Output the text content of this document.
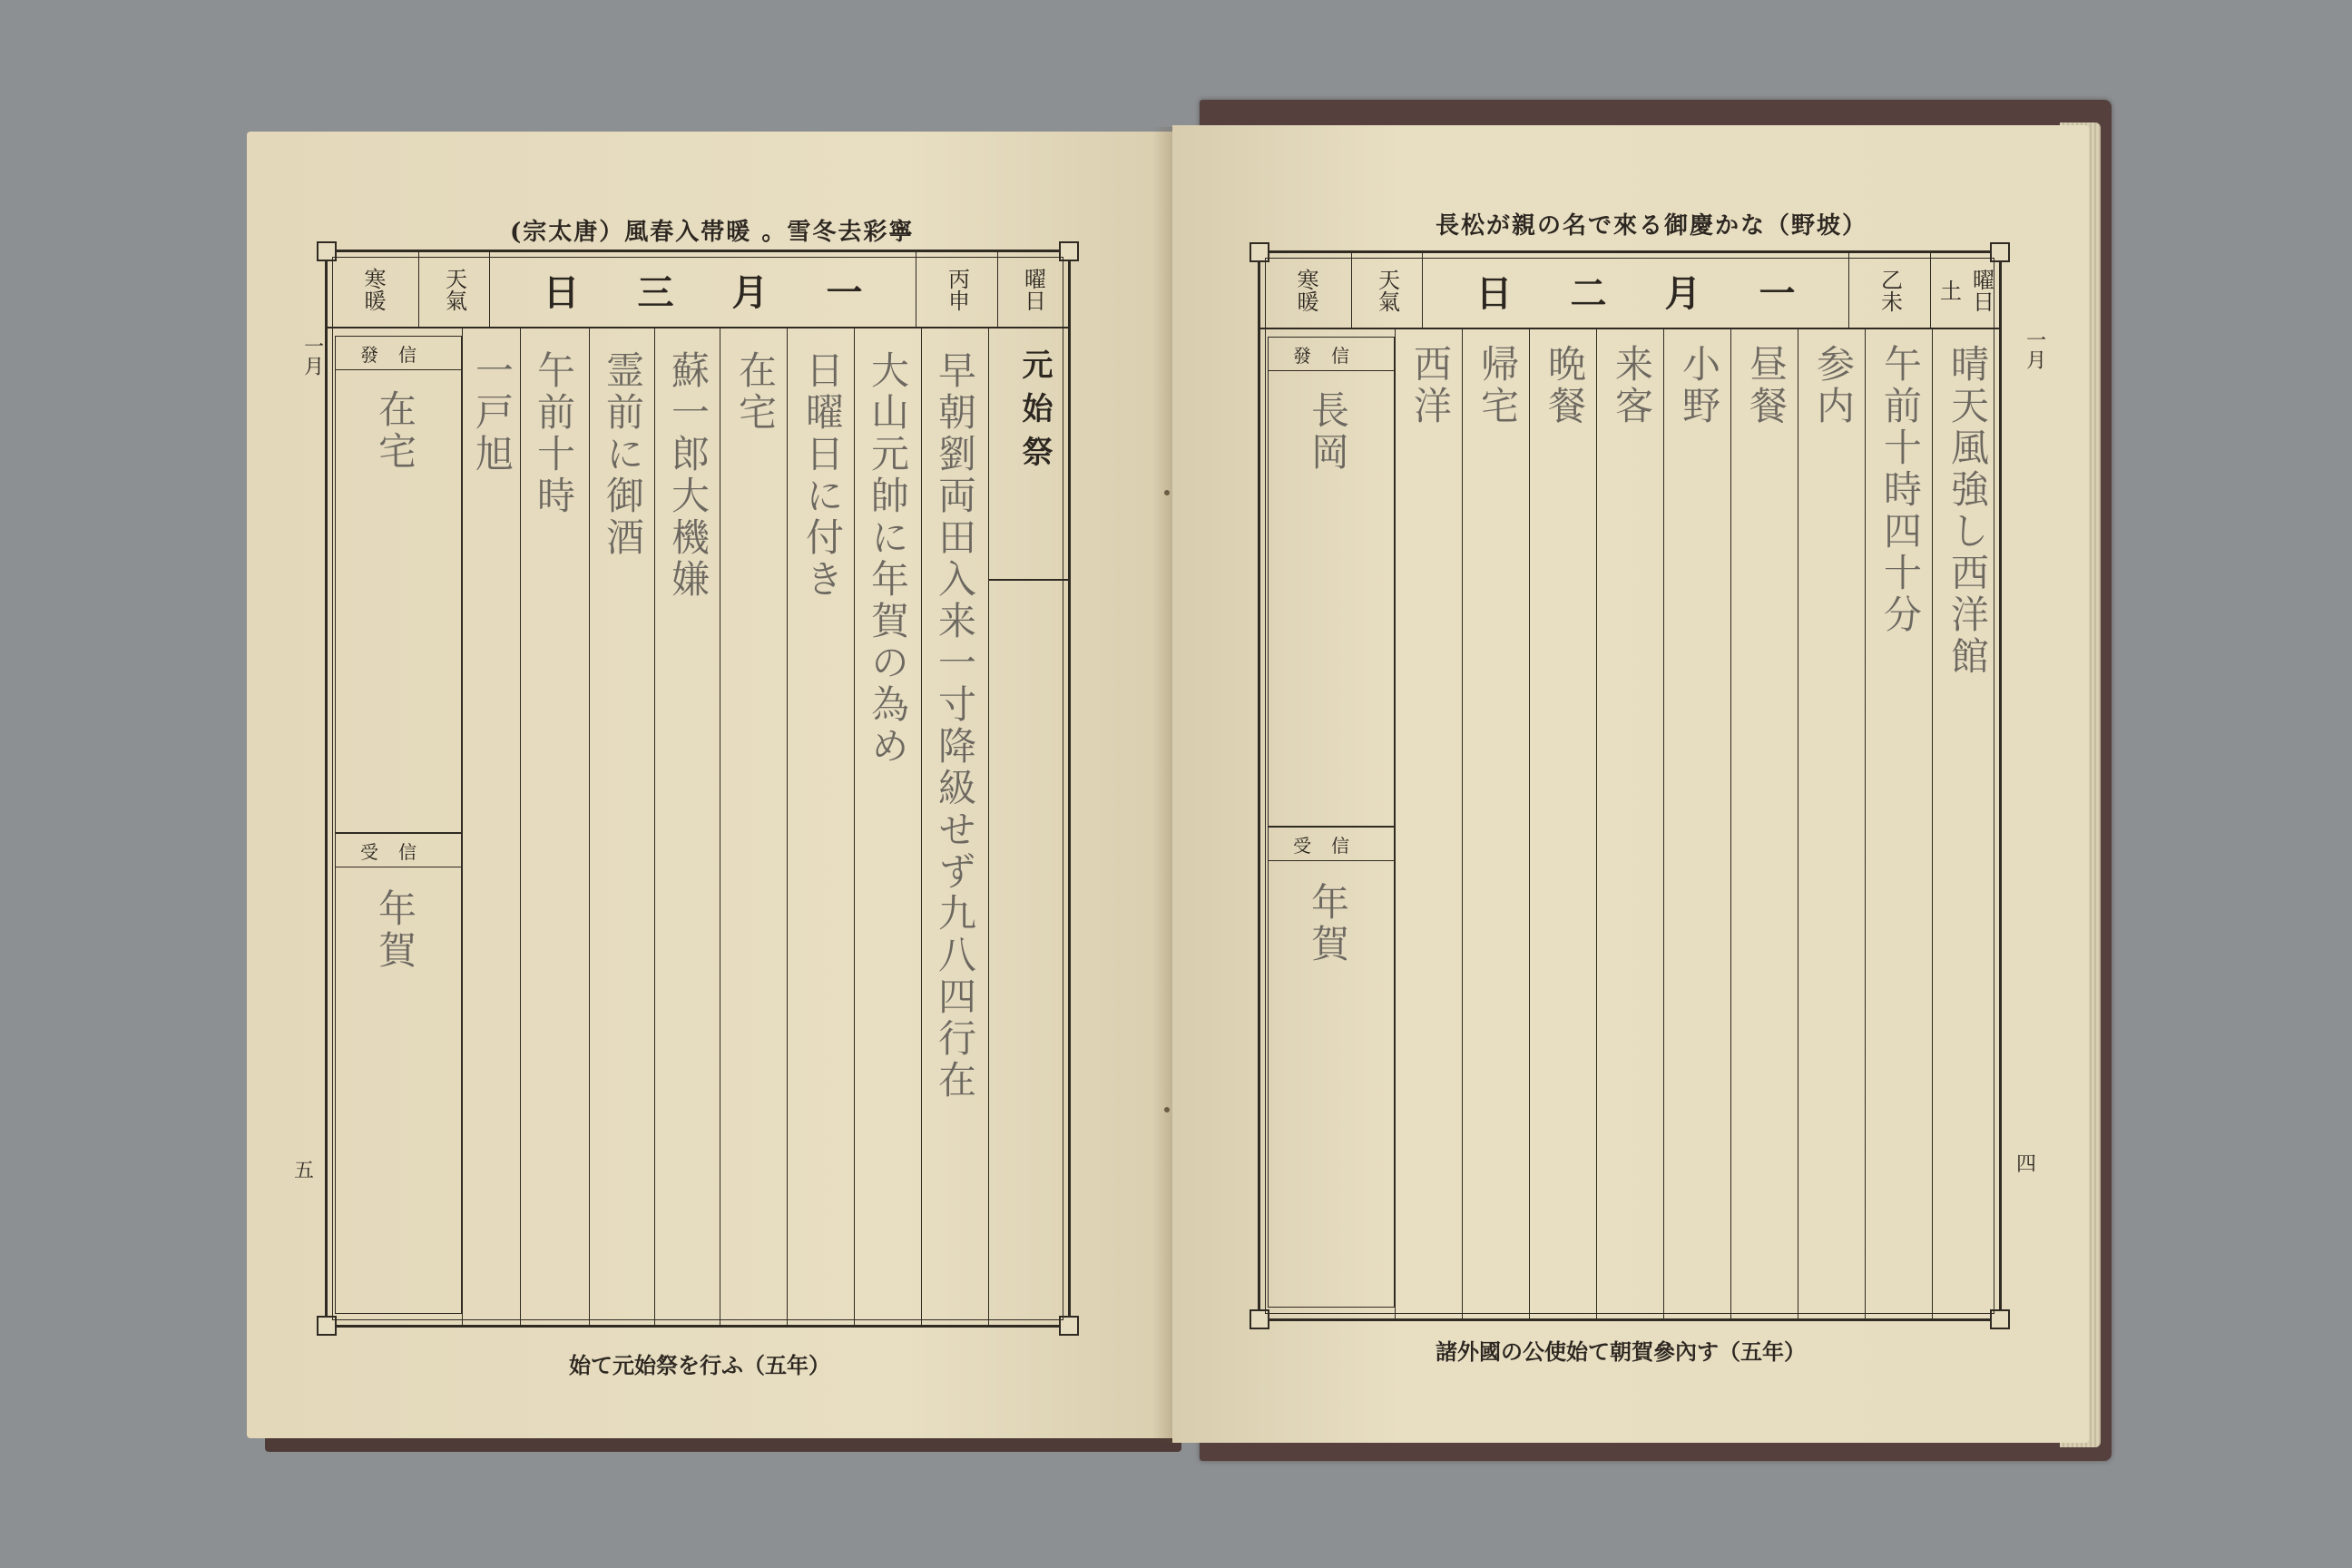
(宗太唐）風春入帯暖 。雪冬去彩寧
一月
五
寒暖	天氣 日 三 月 一	丙申 曜日
發信
在宅
受信
年賀
元始祭
早朝劉両田入来一寸降級せず九八四行在
大山元帥に年賀の為め
日曜日に付き
在宅
蘇一郎大機嫌
霊前に御酒
午前十時
一戸旭
始て元始祭を行ふ（五年）
長松が親の名で來る御慶かな（野坡）
一月
四
寒暖	天氣 日 二 月 一	乙未 土 曜日
發信
長岡
受信
年賀
晴天風強し西洋館
午前十時四十分
参内
昼餐
小野
来客
晩餐
帰宅
西洋
諸外國の公使始て朝賀參內す（五年）
